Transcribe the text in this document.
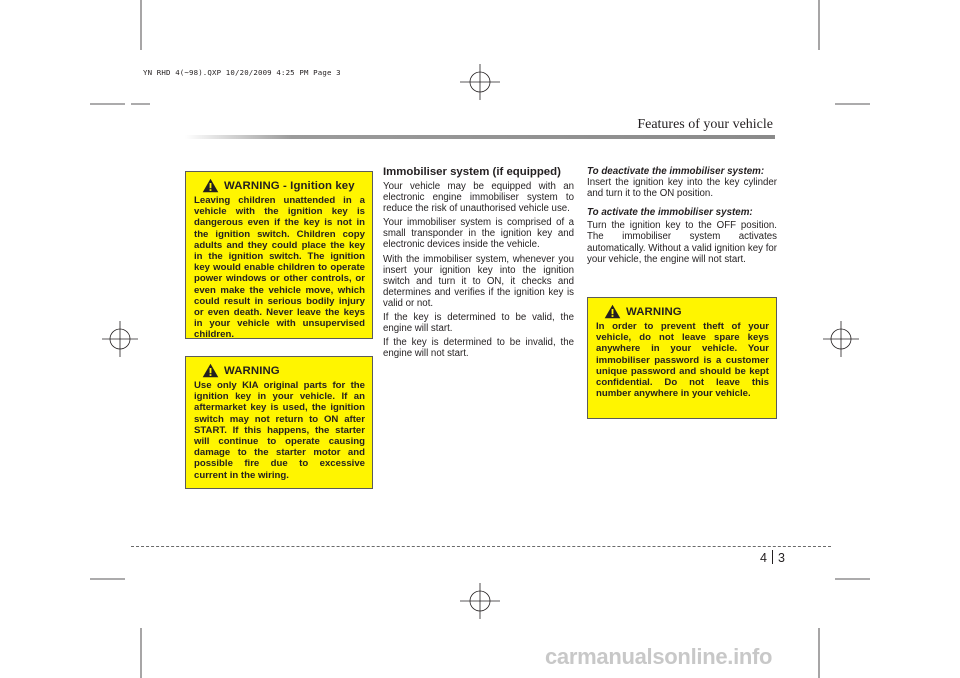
YN RHD 4(~98).QXP 10/20/2009 4:25 PM Page 3
Features of your vehicle
WARNING - Ignition key
Leaving children unattended in a vehicle with the ignition key is dangerous even if the key is not in the ignition switch. Children copy adults and they could place the key in the ignition switch. The ignition key would enable children to operate power windows or other controls, or even make the vehicle move, which could result in serious bodily injury or even death. Never leave the keys in your vehicle with unsupervised children.
WARNING
Use only KIA original parts for the ignition key in your vehicle. If an aftermarket key is used, the ignition switch may not return to ON after START. If this happens, the starter will continue to operate causing damage to the starter motor and possible fire due to excessive current in the wiring.
Immobiliser system (if equipped)

Your vehicle may be equipped with an electronic engine immobiliser system to reduce the risk of unauthorised vehicle use.

Your immobiliser system is comprised of a small transponder in the ignition key and electronic devices inside the vehicle.

With the immobiliser system, whenever you insert your ignition key into the ignition switch and turn it to ON, it checks and determines and verifies if the ignition key is valid or not.

If the key is determined to be valid, the engine will start.

If the key is determined to be invalid, the engine will not start.

To deactivate the immobiliser system:

Insert the ignition key into the key cylinder and turn it to the ON position.

To activate the immobiliser system:

Turn the ignition key to the OFF position. The immobiliser system activates automatically. Without a valid ignition key for your vehicle, the engine will not start.

WARNING
In order to prevent theft of your vehicle, do not leave spare keys anywhere in your vehicle. Your immobiliser password is a customer unique password and should be kept confidential. Do not leave this number anywhere in your vehicle.
4 3
carmanualsonline.info
